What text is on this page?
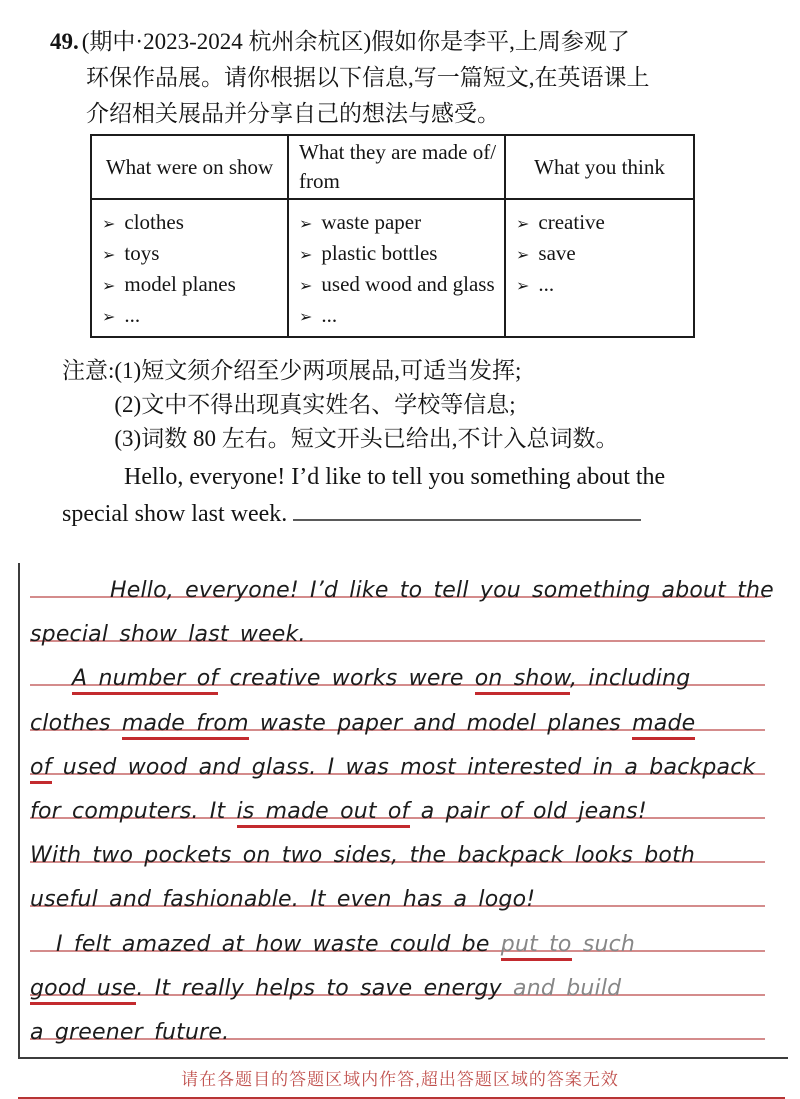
49. (期中·2023-2024 杭州余杭区)假如你是李平,上周参观了
环保作品展。请你根据以下信息,写一篇短文,在英语课上
介绍相关展品并分享自己的想法与感受。
What were on show	What they are made of/ from	What you think

➢ clothes
➢ toys
➢ model planes
➢ ...

➢ waste paper
➢ plastic bottles
➢ used wood and glass
➢ ...

➢ creative
➢ save
➢ ...
注意: (1)短文须介绍至少两项展品,可适当发挥;
(2)文中不得出现真实姓名、学校等信息;
(3)词数 80 左右。短文开头已给出,不计入总词数。
Hello, everyone! I’d like to tell you something about the
special show last week.
Hello, everyone! I’d like to tell you something about the
special show last week.
A number of creative works were on show, including
clothes made from waste paper and model planes made
of used wood and glass. I was most interested in a backpack
for computers. It is made out of a pair of old jeans!
With two pockets on two sides, the backpack looks both
useful and fashionable. It even has a logo!
I felt amazed at how waste could be put to such
good use. It really helps to save energy and build
a greener future.
请在各题目的答题区域内作答,超出答题区域的答案无效
